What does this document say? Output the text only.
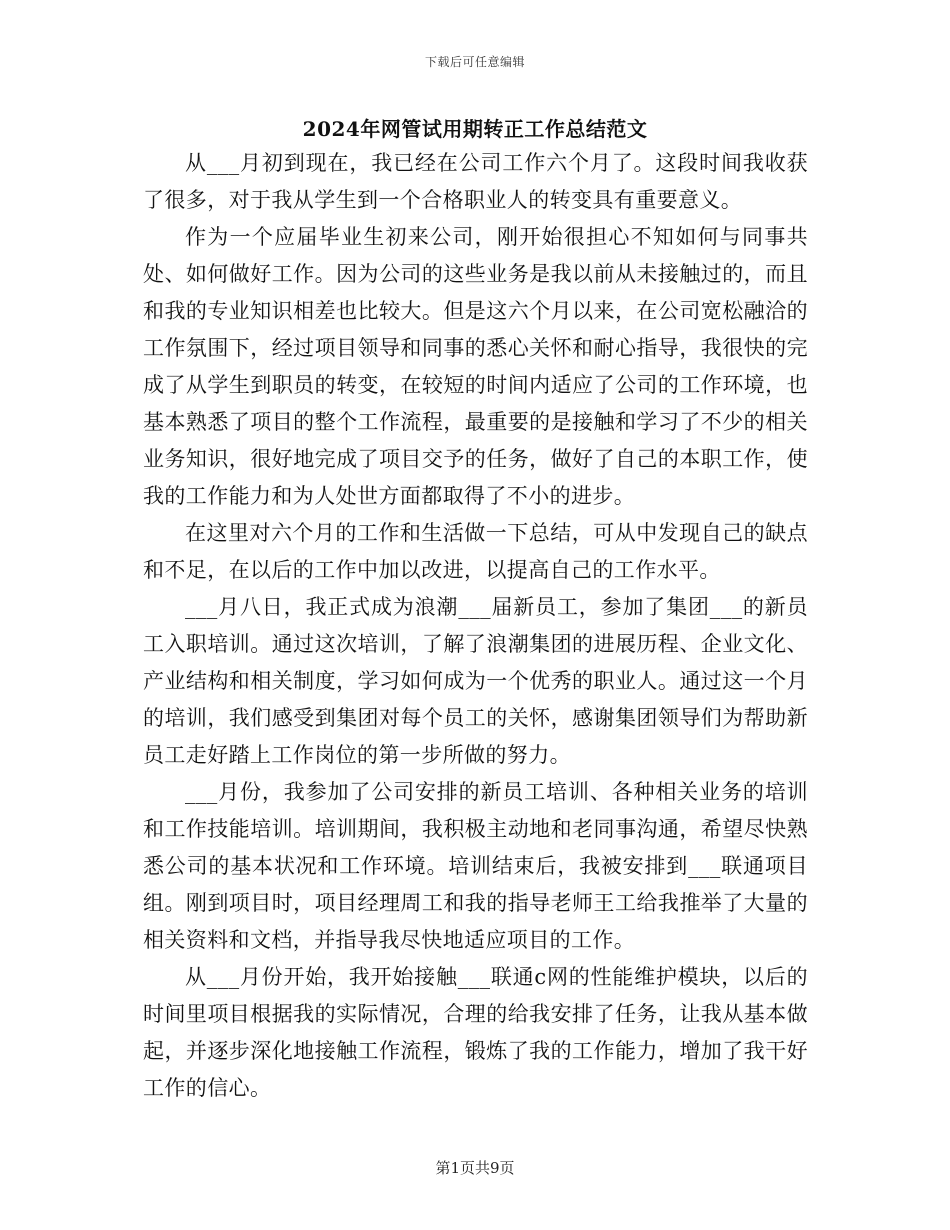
下载后可任意编辑
2024年网管试用期转正工作总结范文

从___月初到现在，我已经在公司工作六个月了。这段时间我收获了很多，对于我从学生到一个合格职业人的转变具有重要意义。

作为一个应届毕业生初来公司，刚开始很担心不知如何与同事共处、如何做好工作。因为公司的这些业务是我以前从未接触过的，而且和我的专业知识相差也比较大。但是这六个月以来，在公司宽松融洽的工作氛围下，经过项目领导和同事的悉心关怀和耐心指导，我很快的完成了从学生到职员的转变，在较短的时间内适应了公司的工作环境，也基本熟悉了项目的整个工作流程，最重要的是接触和学习了不少的相关业务知识，很好地完成了项目交予的任务，做好了自己的本职工作，使我的工作能力和为人处世方面都取得了不小的进步。

在这里对六个月的工作和生活做一下总结，可从中发现自己的缺点和不足，在以后的工作中加以改进，以提高自己的工作水平。

___月八日，我正式成为浪潮___届新员工，参加了集团___的新员工入职培训。通过这次培训，了解了浪潮集团的进展历程、企业文化、产业结构和相关制度，学习如何成为一个优秀的职业人。通过这一个月的培训，我们感受到集团对每个员工的关怀，感谢集团领导们为帮助新员工走好踏上工作岗位的第一步所做的努力。

___月份，我参加了公司安排的新员工培训、各种相关业务的培训和工作技能培训。培训期间，我积极主动地和老同事沟通，希望尽快熟悉公司的基本状况和工作环境。培训结束后，我被安排到___联通项目组。刚到项目时，项目经理周工和我的指导老师王工给我推举了大量的相关资料和文档，并指导我尽快地适应项目的工作。

从___月份开始，我开始接触___联通c网的性能维护模块，以后的时间里项目根据我的实际情况，合理的给我安排了任务，让我从基本做起，并逐步深化地接触工作流程，锻炼了我的工作能力，增加了我干好工作的信心。

第1页共9页
